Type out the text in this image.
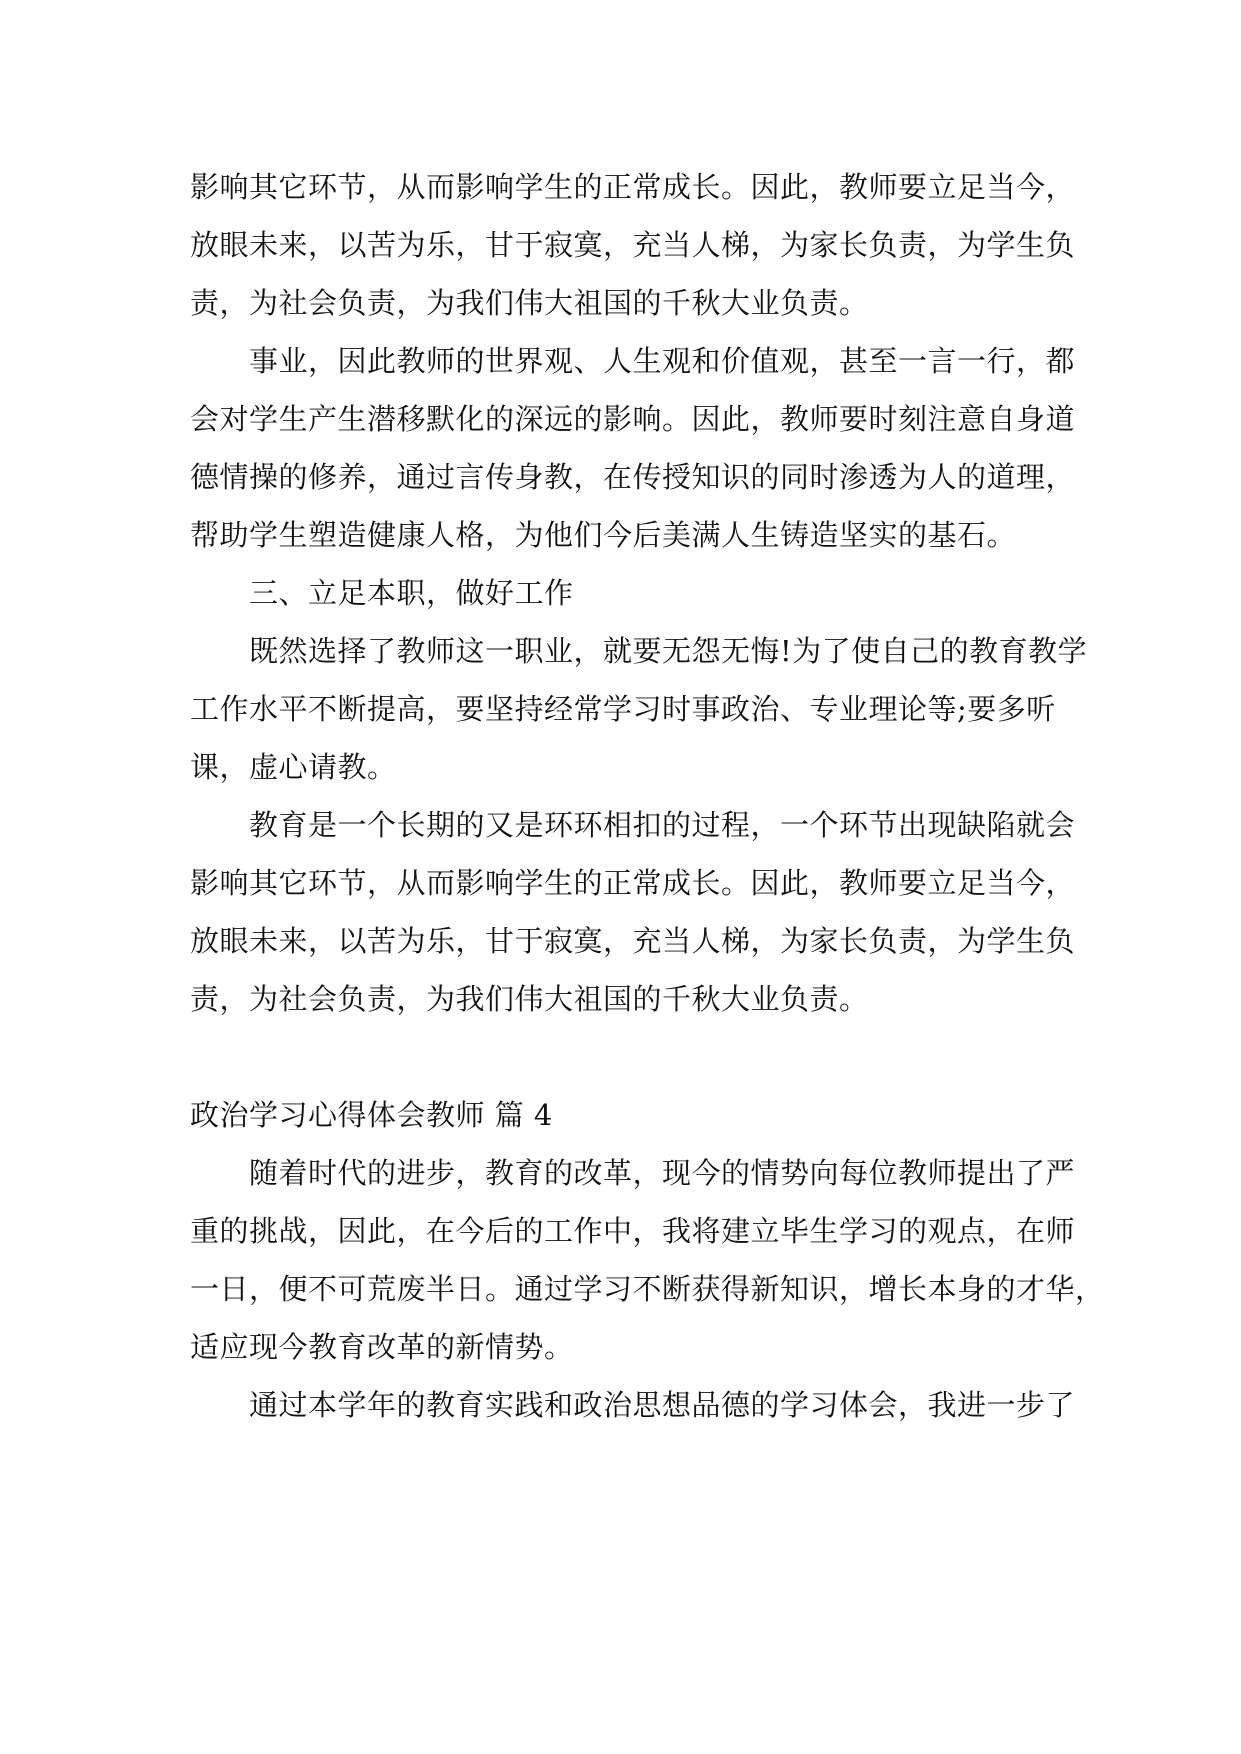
影响其它环节，从而影响学生的正常成长。因此，教师要立足当今，
放眼未来，以苦为乐，甘于寂寞，充当人梯，为家长负责，为学生负
责，为社会负责，为我们伟大祖国的千秋大业负责。
　　事业，因此教师的世界观、人生观和价值观，甚至一言一行，都
会对学生产生潜移默化的深远的影响。因此，教师要时刻注意自身道
德情操的修养，通过言传身教，在传授知识的同时渗透为人的道理，
帮助学生塑造健康人格，为他们今后美满人生铸造坚实的基石。
　　三、立足本职，做好工作
　　既然选择了教师这一职业，就要无怨无悔!为了使自己的教育教学
工作水平不断提高，要坚持经常学习时事政治、专业理论等;要多听
课，虚心请教。
　　教育是一个长期的又是环环相扣的过程，一个环节出现缺陷就会
影响其它环节，从而影响学生的正常成长。因此，教师要立足当今，
放眼未来，以苦为乐，甘于寂寞，充当人梯，为家长负责，为学生负
责，为社会负责，为我们伟大祖国的千秋大业负责。
政治学习心得体会教师 篇 4
　　随着时代的进步，教育的改革，现今的情势向每位教师提出了严
重的挑战，因此，在今后的工作中，我将建立毕生学习的观点，在师
一日，便不可荒废半日。通过学习不断获得新知识，增长本身的才华，
适应现今教育改革的新情势。
　　通过本学年的教育实践和政治思想品德的学习体会，我进一步了
